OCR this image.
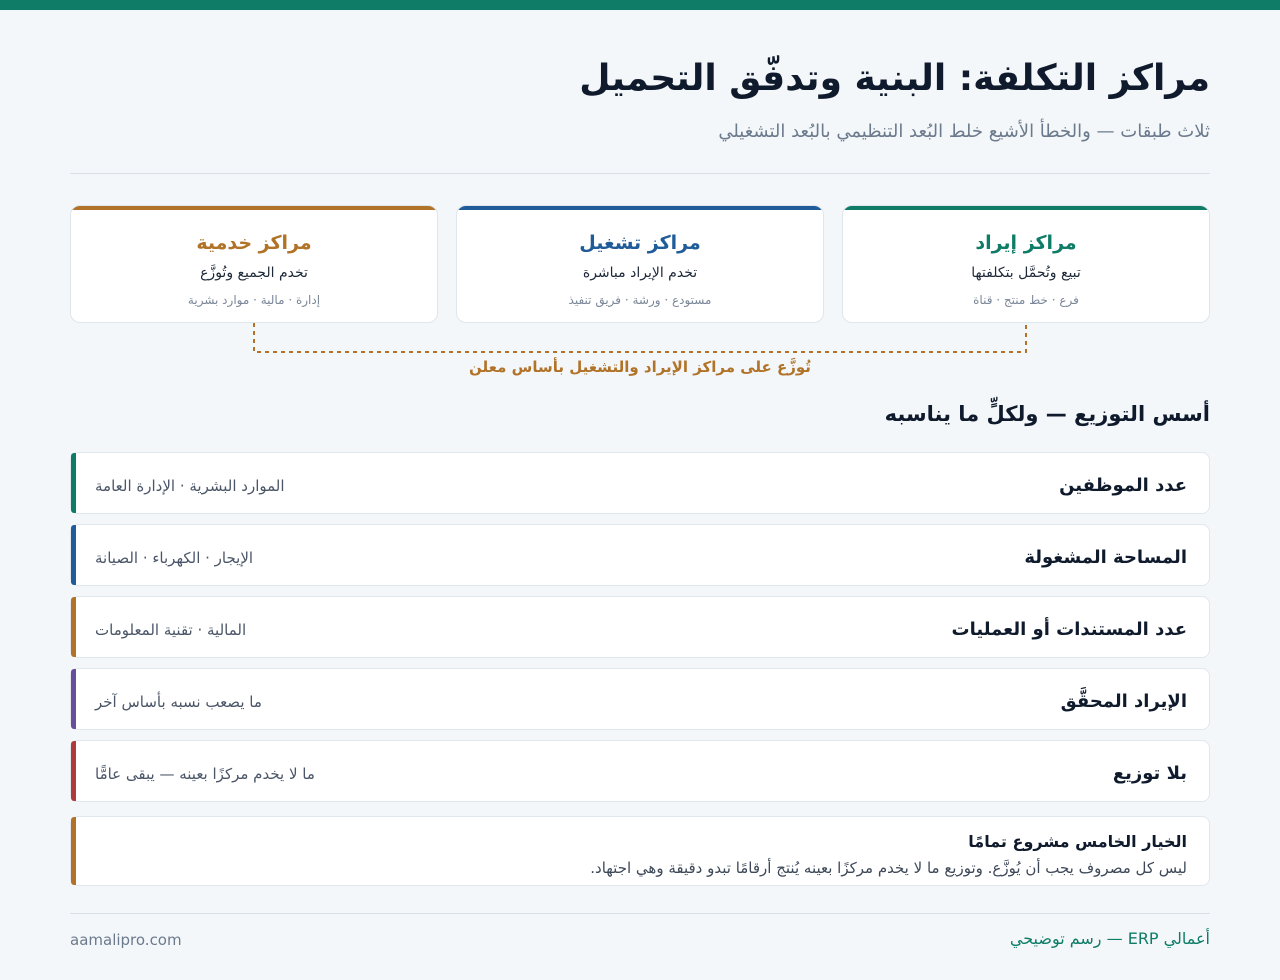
مراكز التكلفة: البنية وتدفّق التحميل

ثلاث طبقات — والخطأ الأشيع خلط البُعد التنظيمي بالبُعد التشغيلي

مراكز إيراد
تبيع وتُحمَّل بتكلفتها
فرع · خط منتج · قناة
مراكز تشغيل
تخدم الإيراد مباشرة
مستودع · ورشة · فريق تنفيذ
مراكز خدمية
تخدم الجميع وتُوزَّع
إدارة · مالية · موارد بشرية
تُوزَّع على مراكز الإيراد والتشغيل بأساس معلن
أسس التوزيع — ولكلٍّ ما يناسبه
عدد الموظفين
الموارد البشرية · الإدارة العامة
المساحة المشغولة
الإيجار · الكهرباء · الصيانة
عدد المستندات أو العمليات
المالية · تقنية المعلومات
الإيراد المحقَّق
ما يصعب نسبه بأساس آخر
بلا توزيع
ما لا يخدم مركزًا بعينه — يبقى عامًّا
الخيار الخامس مشروع تمامًا
ليس كل مصروف يجب أن يُوزَّع. وتوزيع ما لا يخدم مركزًا بعينه يُنتج أرقامًا تبدو دقيقة وهي اجتهاد.
أعمالي ERP — رسم توضيحي
aamalipro.com
